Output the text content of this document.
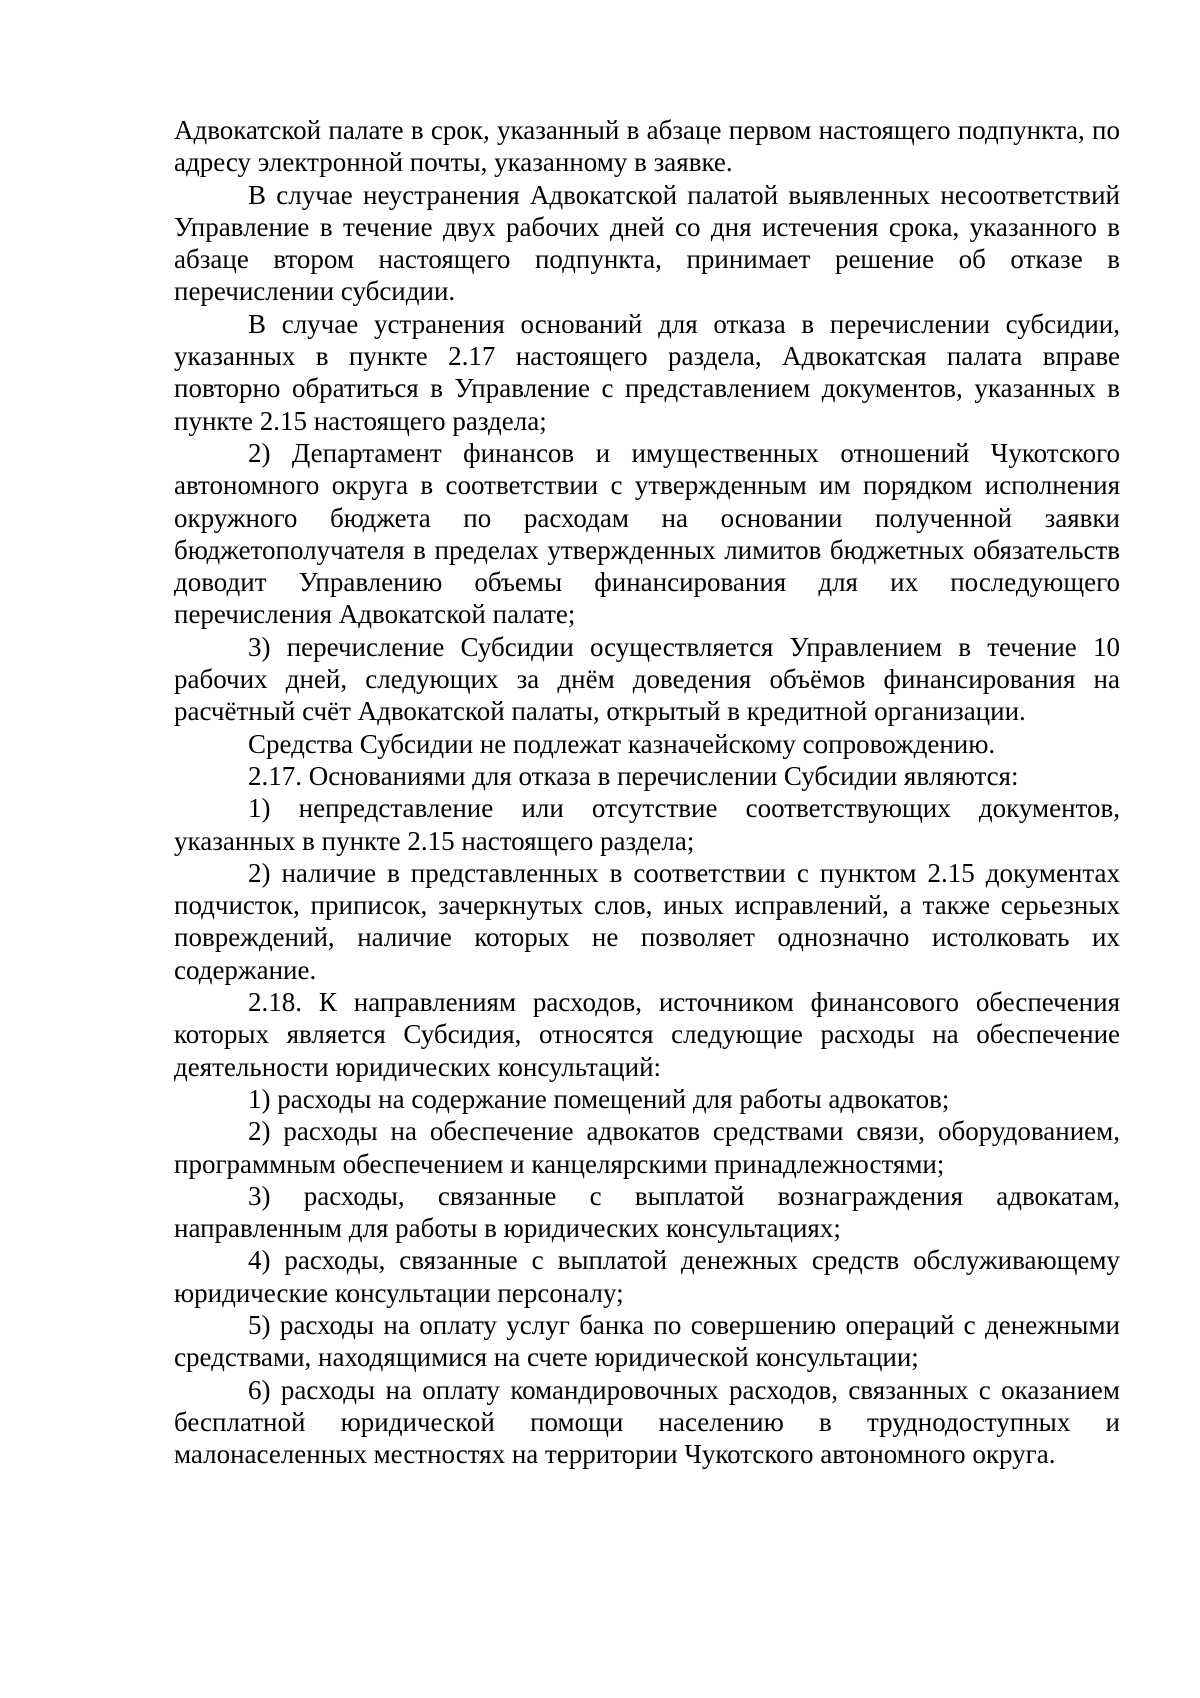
Адвокатской палате в срок, указанный в абзаце первом настоящего подпункта, по адресу электронной почты, указанному в заявке.

В случае неустранения Адвокатской палатой выявленных несоответствий Управление в течение двух рабочих дней со дня истечения срока, указанного в абзаце втором настоящего подпункта, принимает решение об отказе в перечислении субсидии.

В случае устранения оснований для отказа в перечислении субсидии, указанных в пункте 2.17 настоящего раздела, Адвокатская палата вправе повторно обратиться в Управление с представлением документов, указанных в пункте 2.15 настоящего раздела;

2) Департамент финансов и имущественных отношений Чукотского автономного округа в соответствии с утвержденным им порядком исполнения окружного бюджета по расходам на основании полученной заявки бюджетополучателя в пределах утвержденных лимитов бюджетных обязательств доводит Управлению объемы финансирования для их последующего перечисления Адвокатской палате;

3) перечисление Субсидии осуществляется Управлением в течение 10 рабочих дней, следующих за днём доведения объёмов финансирования на расчётный счёт Адвокатской палаты, открытый в кредитной организации.

Средства Субсидии не подлежат казначейскому сопровождению.

2.17. Основаниями для отказа в перечислении Субсидии являются:

1) непредставление или отсутствие соответствующих документов, указанных в пункте 2.15 настоящего раздела;

2) наличие в представленных в соответствии с пунктом 2.15 документах подчисток, приписок, зачеркнутых слов, иных исправлений, а также серьезных повреждений, наличие которых не позволяет однозначно истолковать их содержание.

2.18. К направлениям расходов, источником финансового обеспечения которых является Субсидия, относятся следующие расходы на обеспечение деятельности юридических консультаций:

1) расходы на содержание помещений для работы адвокатов;

2) расходы на обеспечение адвокатов средствами связи, оборудованием, программным обеспечением и канцелярскими принадлежностями;

3) расходы, связанные с выплатой вознаграждения адвокатам, направленным для работы в юридических консультациях;

4) расходы, связанные с выплатой денежных средств обслуживающему юридические консультации персоналу;

5) расходы на оплату услуг банка по совершению операций с денежными средствами, находящимися на счете юридической консультации;

6) расходы на оплату командировочных расходов, связанных с оказанием бесплатной юридической помощи населению в труднодоступных и малонаселенных местностях на территории Чукотского автономного округа.
